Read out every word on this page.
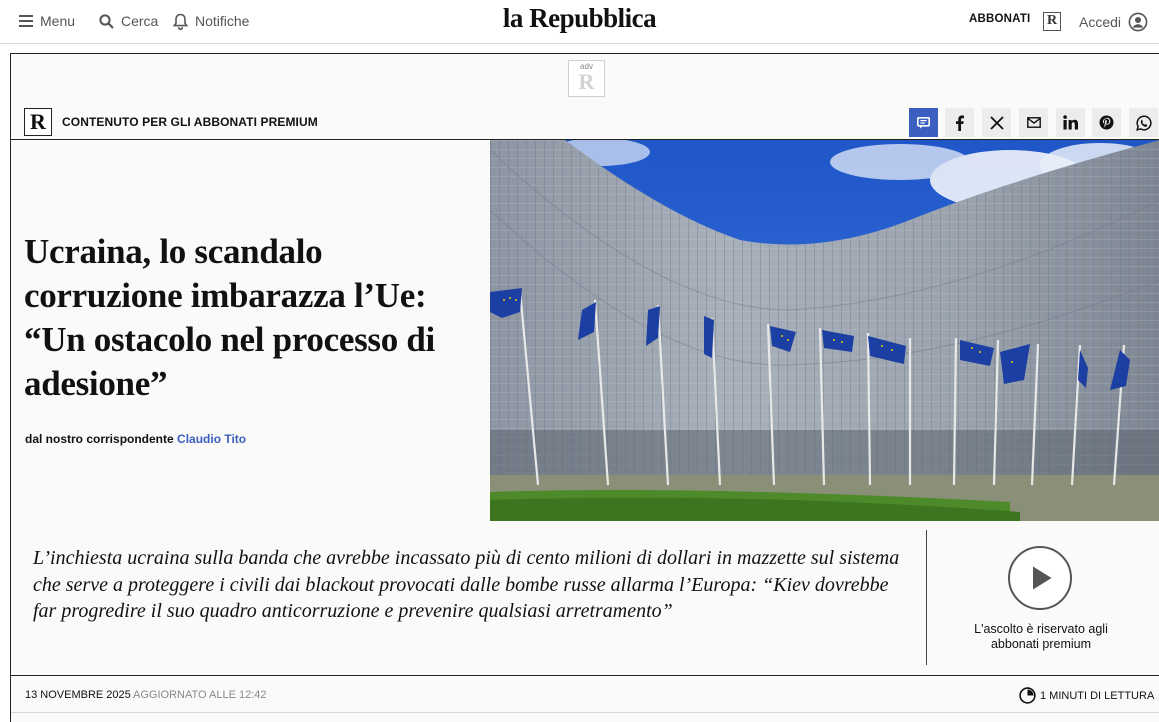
Menu	Cerca	Notifiche	la Repubblica	ABBONATI R Accedi
adv
R
R	CONTENUTO PER GLI ABBONATI PREMIUM
Ucraina, lo scandalo corruzione imbarazza l’Ue: “Un ostacolo nel processo di adesione”
dal nostro corrispondente Claudio Tito

L’inchiesta ucraina sulla banda che avrebbe incassato più di cento milioni di dollari in mazzette sul sistema che serve a proteggere i civili dai blackout provocati dalle bombe russe allarma l’Europa: “Kiev dovrebbe far progredire il suo quadro anticorruzione e prevenire qualsiasi arretramento”

L'ascolto è riservato agli abbonati premium
13 NOVEMBRE 2025 AGGIORNATO ALLE 12:42	1 MINUTI DI LETTURA
